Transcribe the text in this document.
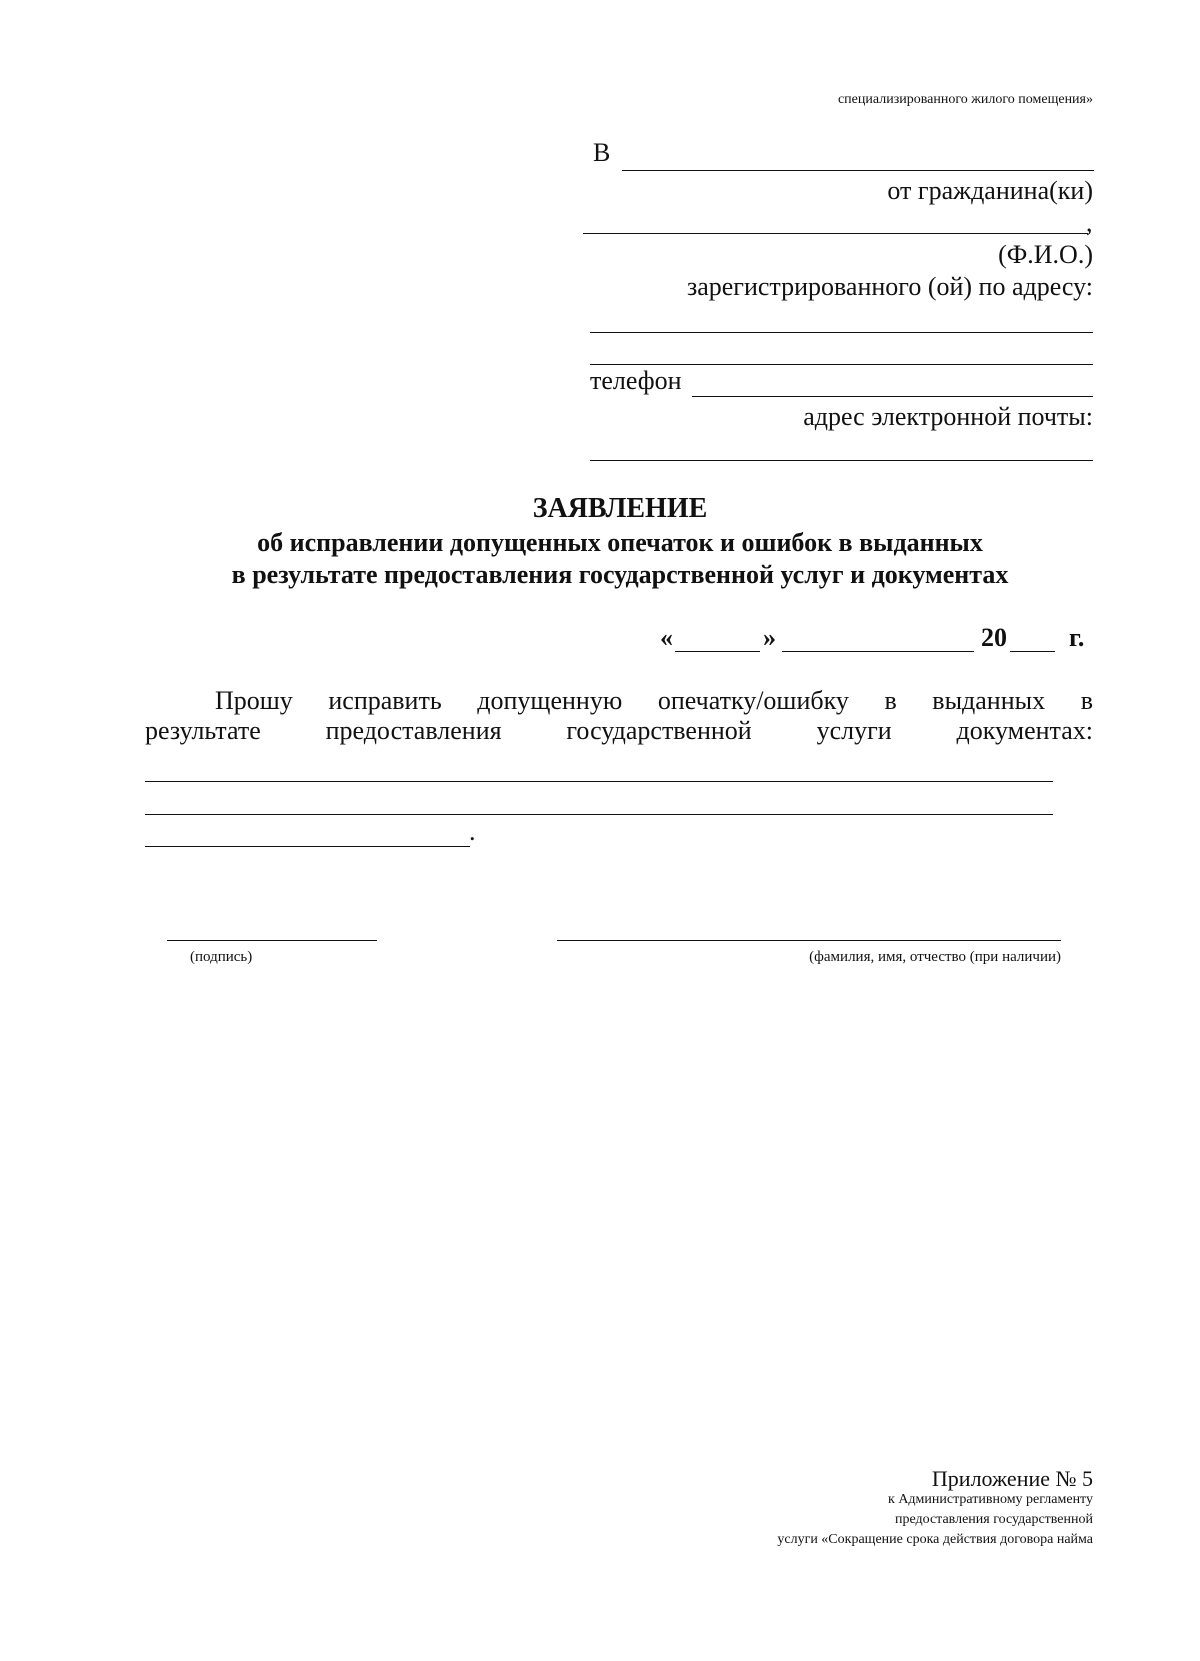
специализированного жилого помещения»
В
от гражданина(ки)
,
(Ф.И.О.)
зарегистрированного (ой) по адресу:
телефон
адрес электронной почты:
ЗАЯВЛЕНИЕ
об исправлении допущенных опечаток и ошибок в выданных
в результате предоставления государственной услуг и документах
«	»	20 г.
Прошу исправить допущенную опечатку/ошибку в выданных в
результате предоставления государственной услуги документах:
.
(подпись)	(фамилия, имя, отчество (при наличии)
Приложение № 5
к Административному регламенту
предоставления государственной
услуги «Сокращение срока действия договора найма
